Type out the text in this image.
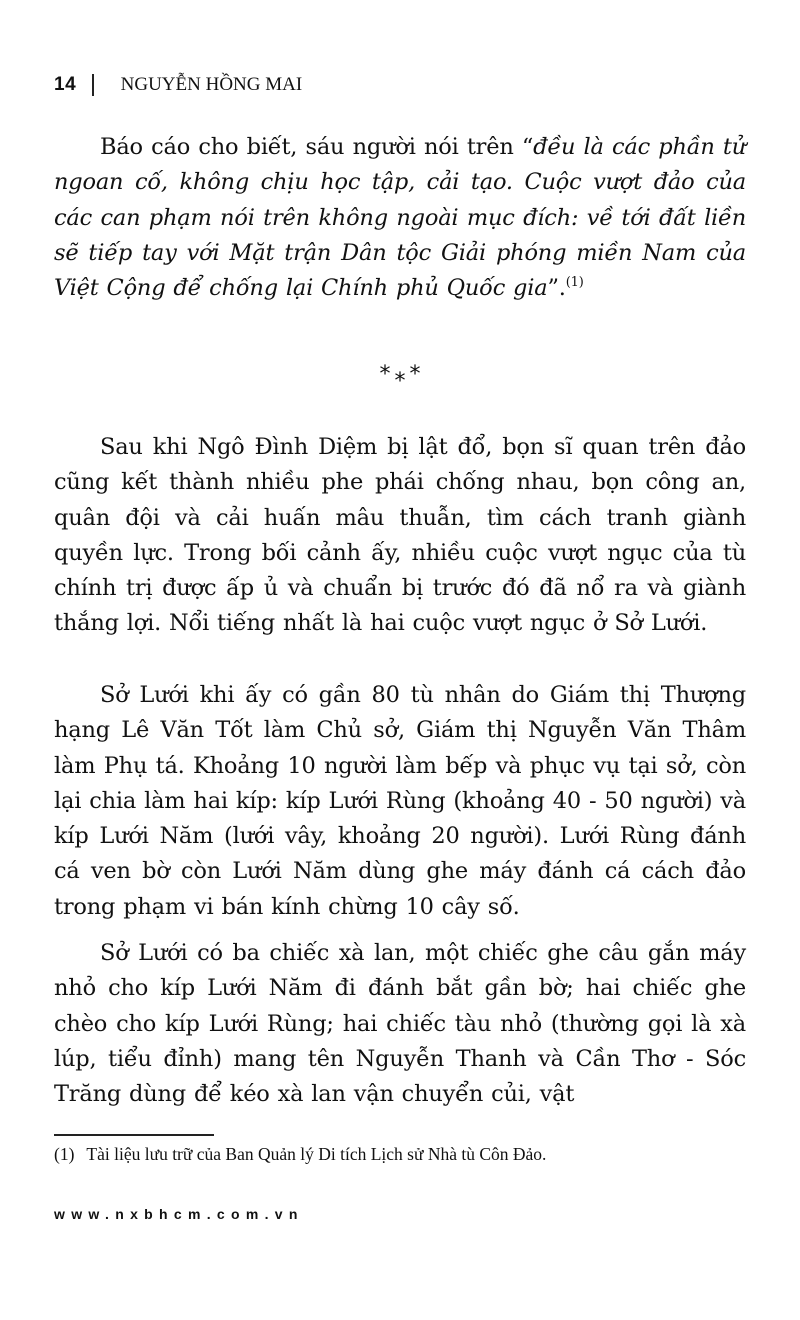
14 NGUYỄN HỒNG MAI

Báo cáo cho biết, sáu người nói trên “đều là các phần tử ngoan cố, không chịu học tập, cải tạo. Cuộc vượt đảo của các can phạm nói trên không ngoài mục đích: về tới đất liền sẽ tiếp tay với Mặt trận Dân tộc Giải phóng miền Nam của Việt Cộng để chống lại Chính phủ Quốc gia”.$^{(1)}$

* * *

Sau khi Ngô Đình Diệm bị lật đổ, bọn sĩ quan trên đảo cũng kết thành nhiều phe phái chống nhau, bọn công an, quân đội và cải huấn mâu thuẫn, tìm cách tranh giành quyền lực. Trong bối cảnh ấy, nhiều cuộc vượt ngục của tù chính trị được ấp ủ và chuẩn bị trước đó đã nổ ra và giành thắng lợi. Nổi tiếng nhất là hai cuộc vượt ngục ở Sở Lưới.

Sở Lưới khi ấy có gần 80 tù nhân do Giám thị Thượng hạng Lê Văn Tốt làm Chủ sở, Giám thị Nguyễn Văn Thâm làm Phụ tá. Khoảng 10 người làm bếp và phục vụ tại sở, còn lại chia làm hai kíp: kíp Lưới Rùng (khoảng 40 - 50 người) và kíp Lưới Năm (lưới vây, khoảng 20 người). Lưới Rùng đánh cá ven bờ còn Lưới Năm dùng ghe máy đánh cá cách đảo trong phạm vi bán kính chừng 10 cây số.

Sở Lưới có ba chiếc xà lan, một chiếc ghe câu gắn máy nhỏ cho kíp Lưới Năm đi đánh bắt gần bờ; hai chiếc ghe chèo cho kíp Lưới Rùng; hai chiếc tàu nhỏ (thường gọi là xà lúp, tiểu đỉnh) mang tên Nguyễn Thanh và Cần Thơ - Sóc Trăng dùng để kéo xà lan vận chuyển củi, vật

(1) Tài liệu lưu trữ của Ban Quản lý Di tích Lịch sử Nhà tù Côn Đảo.
www.nxbhcm.com.vn
